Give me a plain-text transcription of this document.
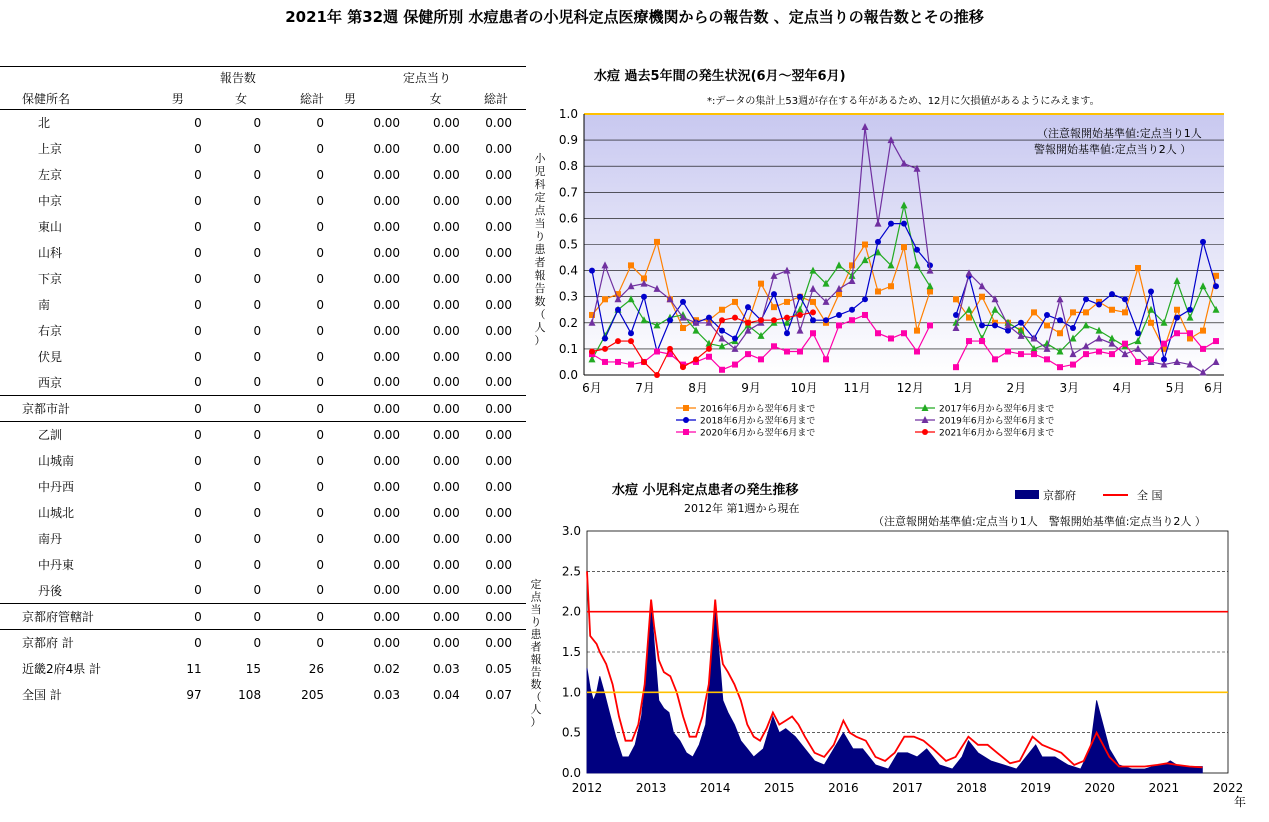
2021年 第32週 保健所別 水痘患者の小児科定点医療機関からの報告数 、定点当りの報告数とその推移
	報告数			定点当り		
保健所名	男	女	総計	男	女	総計
北	0	0	0	0.00	0.00	0.00
上京	0	0	0	0.00	0.00	0.00
左京	0	0	0	0.00	0.00	0.00
中京	0	0	0	0.00	0.00	0.00
東山	0	0	0	0.00	0.00	0.00
山科	0	0	0	0.00	0.00	0.00
下京	0	0	0	0.00	0.00	0.00
南	0	0	0	0.00	0.00	0.00
右京	0	0	0	0.00	0.00	0.00
伏見	0	0	0	0.00	0.00	0.00
西京	0	0	0	0.00	0.00	0.00
京都市計	0	0	0	0.00	0.00	0.00
乙訓	0	0	0	0.00	0.00	0.00
山城南	0	0	0	0.00	0.00	0.00
中丹西	0	0	0	0.00	0.00	0.00
山城北	0	0	0	0.00	0.00	0.00
南丹	0	0	0	0.00	0.00	0.00
中丹東	0	0	0	0.00	0.00	0.00
丹後	0	0	0	0.00	0.00	0.00
京都府管轄計	0	0	0	0.00	0.00	0.00
京都府 計	0	0	0	0.00	0.00	0.00
近畿2府4県 計	11	15	26	0.02	0.03	0.05
全国 計	97	108	205	0.03	0.04	0.07
0.0
0.1
0.2
0.3
0.4
0.5
0.6
0.7
0.8
0.9
1.0
6月	7月	8月	9月 10月 11月 12月 1月	2月	3月	4月	5月 6月
水痘 過去5年間の発生状況(6月～翌年6月)
*:データの集計上53週が存在する年があるため、12月に欠損値があるようにみえます。
（注意報開始基準値:定点当り1人
警報開始基準値:定点当り2人 ）
小
児
科
定
点
当
り
患
者
報
告
数
（
人
）
2016年6月から翌年6月まで	2017年6月から翌年6月まで
2018年6月から翌年6月まで	2019年6月から翌年6月まで
2020年6月から翌年6月まで	2021年6月から翌年6月まで
0.0
0.5
1.0
1.5
2.0
2.5
3.0
2012	2013	2014	2015	2016	2017	2018	2019	2020	2021	2022
年
水痘 小児科定点患者の発生推移
2012年 第1週から現在
（注意報開始基準値:定点当り1人　警報開始基準値:定点当り2人 ）
京都府	全 国
定
点
当
り
患
者
報
告
数
（
人
）
